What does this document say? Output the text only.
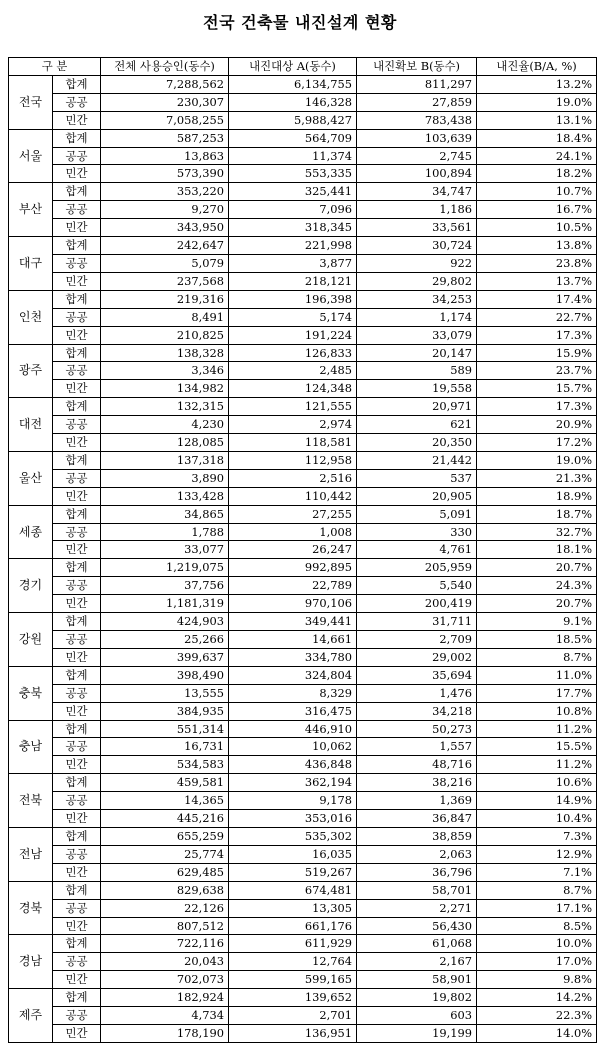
전국 건축물 내진설계 현황
구 분		전체 사용승인(동수)	내진대상 A(동수)	내진확보 B(동수)	내진율(B/A, %)
전국	합계	7,288,562	6,134,755	811,297	13.2%
	공공	230,307	146,328	27,859	19.0%
	민간	7,058,255	5,988,427	783,438	13.1%
서울	합계	587,253	564,709	103,639	18.4%
	공공	13,863	11,374	2,745	24.1%
	민간	573,390	553,335	100,894	18.2%
부산	합계	353,220	325,441	34,747	10.7%
	공공	9,270	7,096	1,186	16.7%
	민간	343,950	318,345	33,561	10.5%
대구	합계	242,647	221,998	30,724	13.8%
	공공	5,079	3,877	922	23.8%
	민간	237,568	218,121	29,802	13.7%
인천	합계	219,316	196,398	34,253	17.4%
	공공	8,491	5,174	1,174	22.7%
	민간	210,825	191,224	33,079	17.3%
광주	합계	138,328	126,833	20,147	15.9%
	공공	3,346	2,485	589	23.7%
	민간	134,982	124,348	19,558	15.7%
대전	합계	132,315	121,555	20,971	17.3%
	공공	4,230	2,974	621	20.9%
	민간	128,085	118,581	20,350	17.2%
울산	합계	137,318	112,958	21,442	19.0%
	공공	3,890	2,516	537	21.3%
	민간	133,428	110,442	20,905	18.9%
세종	합계	34,865	27,255	5,091	18.7%
	공공	1,788	1,008	330	32.7%
	민간	33,077	26,247	4,761	18.1%
경기	합계	1,219,075	992,895	205,959	20.7%
	공공	37,756	22,789	5,540	24.3%
	민간	1,181,319	970,106	200,419	20.7%
강원	합계	424,903	349,441	31,711	9.1%
	공공	25,266	14,661	2,709	18.5%
	민간	399,637	334,780	29,002	8.7%
충북	합계	398,490	324,804	35,694	11.0%
	공공	13,555	8,329	1,476	17.7%
	민간	384,935	316,475	34,218	10.8%
충남	합계	551,314	446,910	50,273	11.2%
	공공	16,731	10,062	1,557	15.5%
	민간	534,583	436,848	48,716	11.2%
전북	합계	459,581	362,194	38,216	10.6%
	공공	14,365	9,178	1,369	14.9%
	민간	445,216	353,016	36,847	10.4%
전남	합계	655,259	535,302	38,859	7.3%
	공공	25,774	16,035	2,063	12.9%
	민간	629,485	519,267	36,796	7.1%
경북	합계	829,638	674,481	58,701	8.7%
	공공	22,126	13,305	2,271	17.1%
	민간	807,512	661,176	56,430	8.5%
경남	합계	722,116	611,929	61,068	10.0%
	공공	20,043	12,764	2,167	17.0%
	민간	702,073	599,165	58,901	9.8%
제주	합계	182,924	139,652	19,802	14.2%
	공공	4,734	2,701	603	22.3%
	민간	178,190	136,951	19,199	14.0%
